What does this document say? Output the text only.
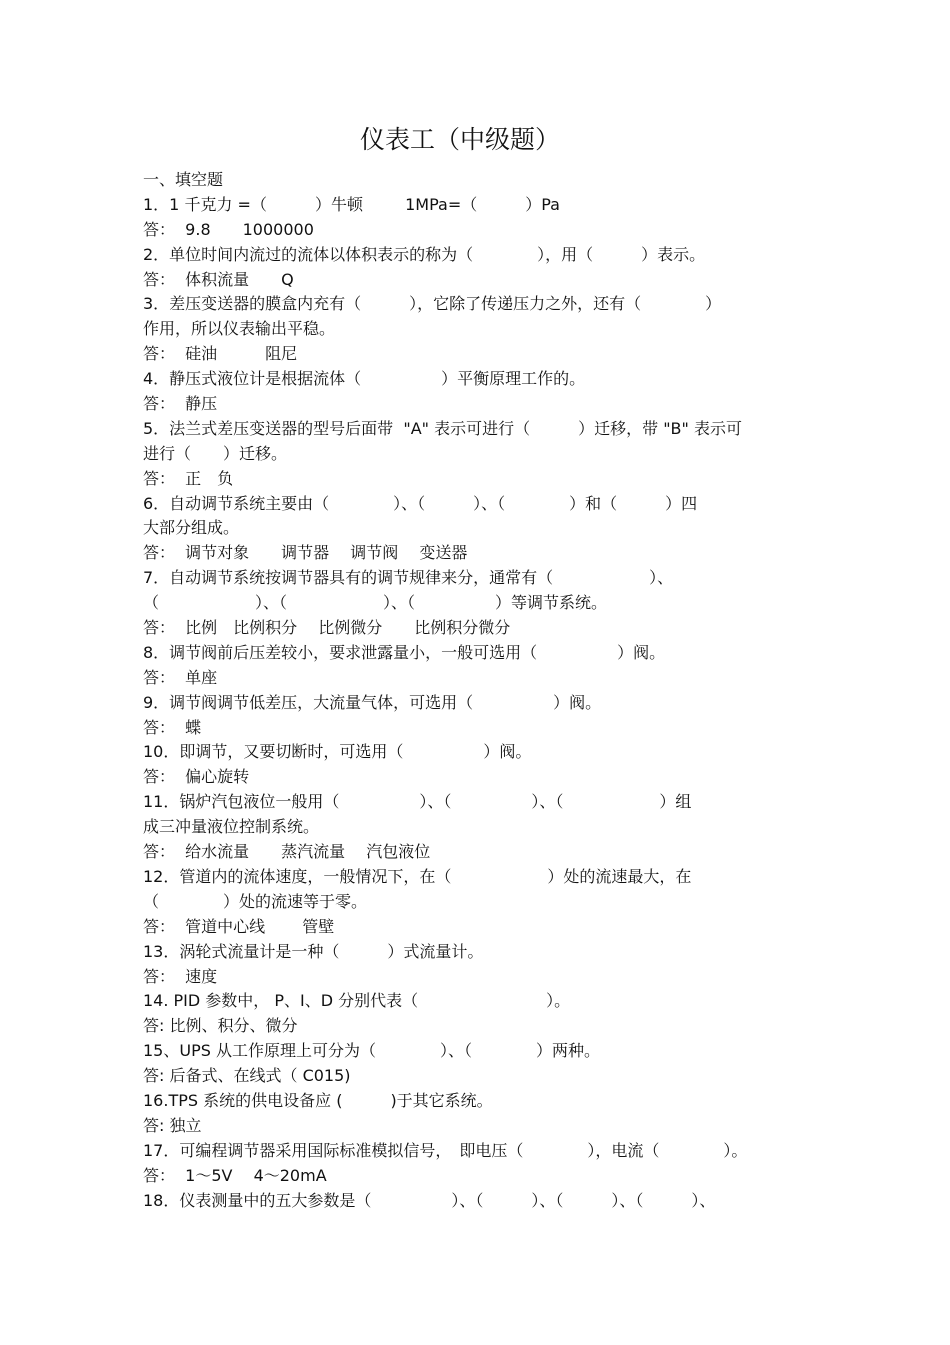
仪表工（中级题）
一、填空题
1．1 千克力 =（　　　）牛顿　　  1MPa=（　　　）Pa
答：  9.8　　1000000
2．单位时间内流过的流体以体积表示的称为（　　　　），用（　　　）表示。
答：  体积流量　　Q
3．差压变送器的膜盒内充有（　　　），它除了传递压力之外，还有（　　　　）
作用，所以仪表输出平稳。
答：  硅油　　　阻尼
4．静压式液位计是根据流体（　　　　　）平衡原理工作的。
答：  静压
5．法兰式差压变送器的型号后面带  "A" 表示可进行（　　　）迁移，带 "B" 表示可
进行（　　）迁移。
答：  正　负
6．自动调节系统主要由（　　　　）、（　　　）、（　　　　）和（　　　）四
大部分组成。
答：  调节对象　　调节器　 调节阀　 变送器
7．自动调节系统按调节器具有的调节规律来分，通常有（　　　　　　）、
（　　　　　　）、（　　　　　　）、（　　　　　）等调节系统。
答：  比例　比例积分　 比例微分　　比例积分微分
8．调节阀前后压差较小，要求泄露量小，一般可选用（　　　　　）阀。
答：  单座
9．调节阀调节低差压，大流量气体，可选用（　　　　　）阀。
答：  蝶
10．即调节，又要切断时，可选用（　　　　　）阀。
答：  偏心旋转
11．锅炉汽包液位一般用（　　　　　）、（　　　　　）、（　　　　　　）组
成三冲量液位控制系统。
答：  给水流量　　蒸汽流量　 汽包液位
12．管道内的流体速度，一般情况下，在（　　　　　　）处的流速最大，在
（　　　　）处的流速等于零。
答：  管道中心线　　 管壁
13．涡轮式流量计是一种（　　　）式流量计。
答：  速度
14. PID 参数中， P、I、D 分别代表（　　　　　　　　）。
答: 比例、积分、微分
15、UPS 从工作原理上可分为（　　　　）、（　　　　）两种。
答: 后备式、在线式（ C015)
16.TPS 系统的供电设备应 (　　　)于其它系统。
答: 独立
17．可编程调节器采用国际标准模拟信号，　即电压（　　　　），电流（　　　　）。
答：  1～5V　 4～20mA
18．仪表测量中的五大参数是（　　　　　）、（　　　）、（　　　）、（　　　）、
